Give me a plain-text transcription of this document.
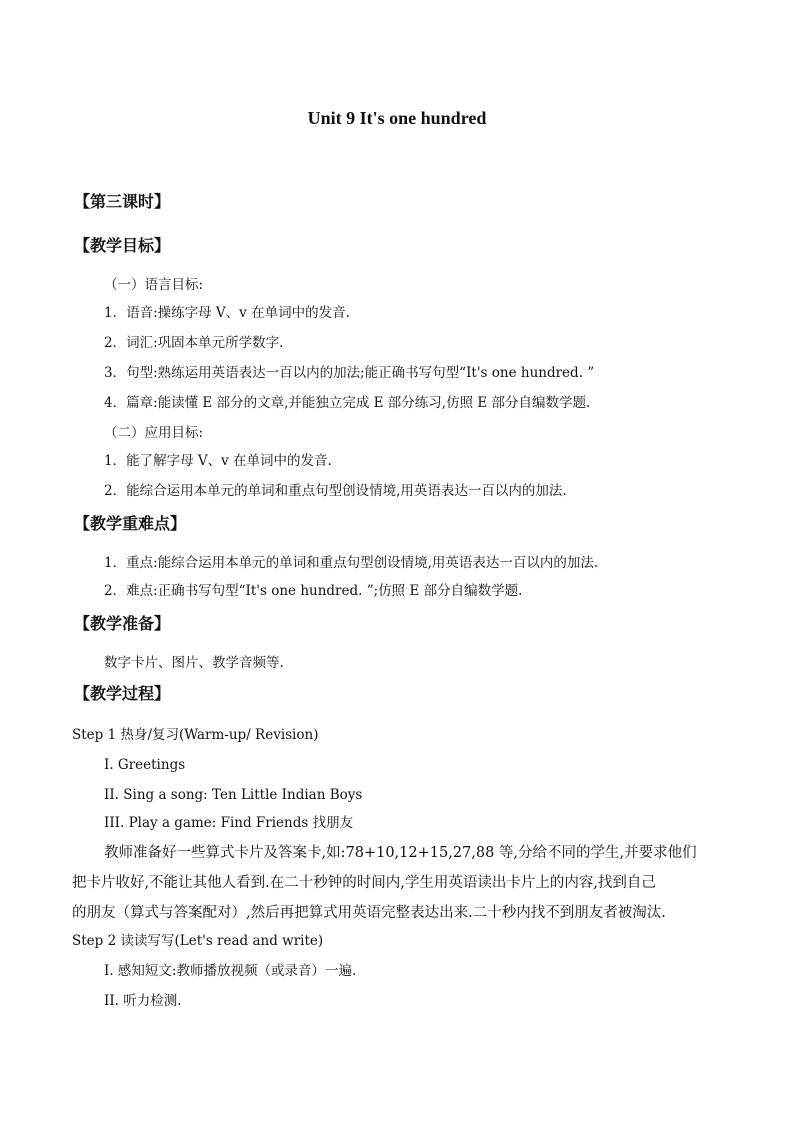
Unit 9 It's one hundred
【第三课时】
【教学目标】
（一）语言目标:
1．语音:操练字母 V、v 在单词中的发音.
2．词汇:巩固本单元所学数字.
3．句型:熟练运用英语表达一百以内的加法;能正确书写句型“It's one hundred. ”
4．篇章:能读懂 E 部分的文章,并能独立完成 E 部分练习,仿照 E 部分自编数学题.
（二）应用目标:
1．能了解字母 V、v 在单词中的发音.
2．能综合运用本单元的单词和重点句型创设情境,用英语表达一百以内的加法.
【教学重难点】
1．重点:能综合运用本单元的单词和重点句型创设情境,用英语表达一百以内的加法.
2．难点:正确书写句型“It's one hundred. ”;仿照 E 部分自编数学题.
【教学准备】
数字卡片、图片、教学音频等.
【教学过程】
Step 1 热身/复习(Warm-up/ Revision)
I. Greetings
II. Sing a song: Ten Little Indian Boys
III. Play a game: Find Friends 找朋友
教师准备好一些算式卡片及答案卡,如:78+10,12+15,27,88 等,分给不同的学生,并要求他们
把卡片收好,不能让其他人看到.在二十秒钟的时间内,学生用英语读出卡片上的内容,找到自己
的朋友（算式与答案配对）,然后再把算式用英语完整表达出来.二十秒内找不到朋友者被淘汰.
Step 2 读读写写(Let's read and write)
I. 感知短文:教师播放视频（或录音）一遍.
II. 听力检测.
